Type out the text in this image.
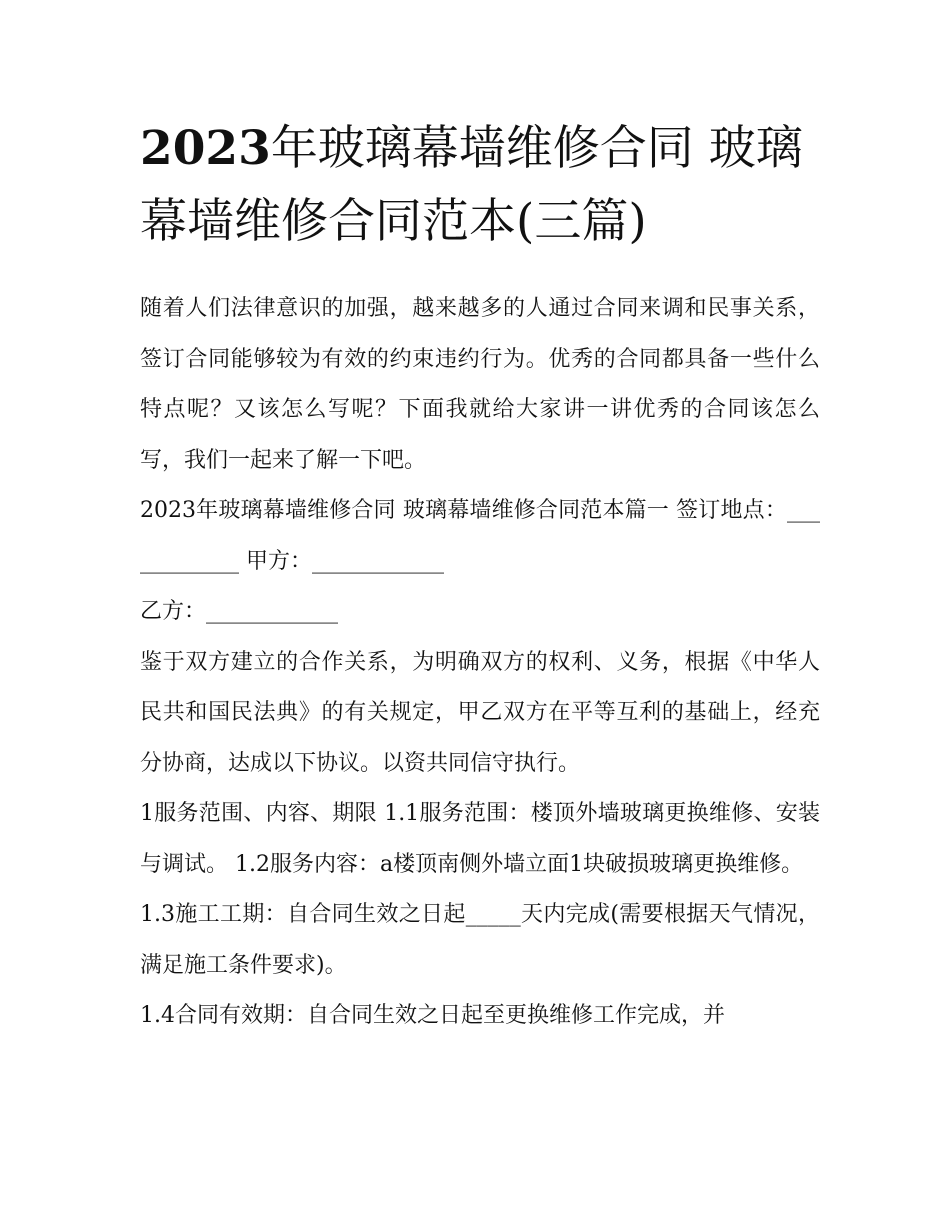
2023年玻璃幕墙维修合同 玻璃幕墙维修合同范本(三篇)

随着人们法律意识的加强，越来越多的人通过合同来调和民事关系，签订合同能够较为有效的约束违约行为。优秀的合同都具备一些什么特点呢？又该怎么写呢？下面我就给大家讲一讲优秀的合同该怎么写，我们一起来了解一下吧。

2023年玻璃幕墙维修合同 玻璃幕墙维修合同范本篇一 签订地点：____________ 甲方：____________

乙方：____________

鉴于双方建立的合作关系，为明确双方的权利、义务，根据《中华人民共和国民法典》的有关规定，甲乙双方在平等互利的基础上，经充分协商，达成以下协议。以资共同信守执行。

1服务范围、内容、期限 1.1服务范围：楼顶外墙玻璃更换维修、安装与调试。 1.2服务内容：a楼顶南侧外墙立面1块破损玻璃更换维修。

1.3施工工期：自合同生效之日起_____天内完成(需要根据天气情况，满足施工条件要求)。

1.4合同有效期：自合同生效之日起至更换维修工作完成，并
